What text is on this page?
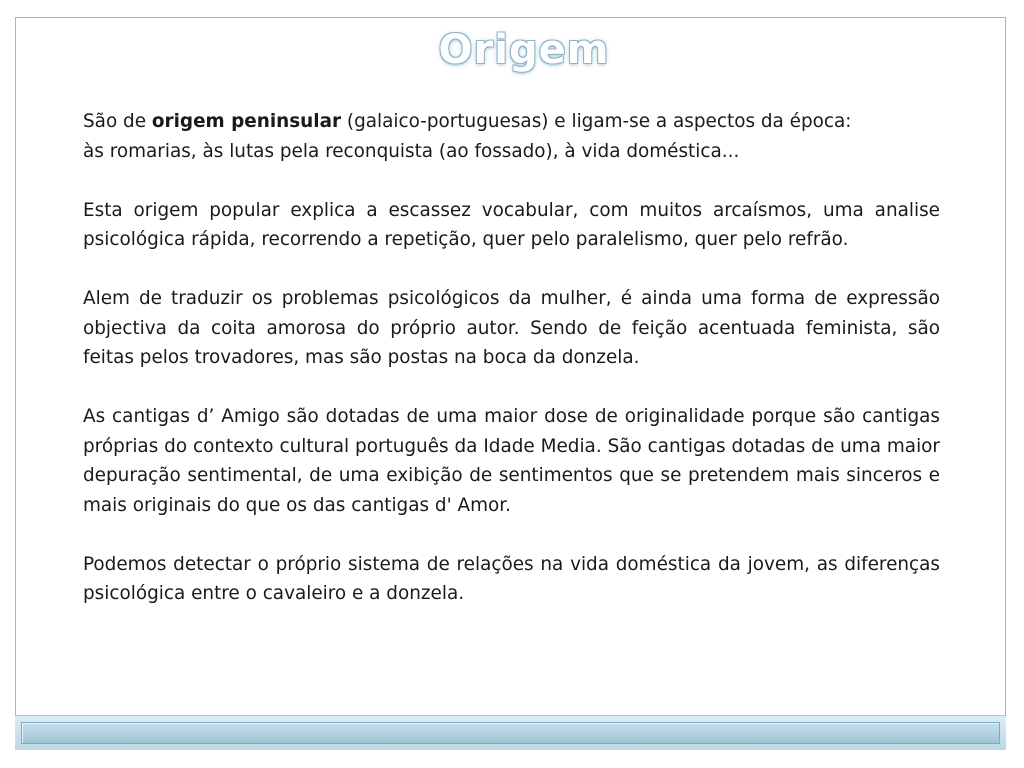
Origem

São de origem peninsular (galaico-portuguesas) e ligam-se a aspectos da época:
às romarias, às lutas pela reconquista (ao fossado), à vida doméstica...

Esta origem popular explica a escassez vocabular, com muitos arcaísmos, uma analise psicológica rápida, recorrendo a repetição, quer pelo paralelismo, quer pelo refrão.

Alem de traduzir os problemas psicológicos da mulher, é ainda uma forma de expressão objectiva da coita amorosa do próprio autor. Sendo de feição acentuada feminista, são feitas pelos trovadores, mas são postas na boca da donzela.

As cantigas d’ Amigo são dotadas de uma maior dose de originalidade porque são cantigas próprias do contexto cultural português da Idade Media. São cantigas dotadas de uma maior depuração sentimental, de uma exibição de sentimentos que se pretendem mais sinceros e mais originais do que os das cantigas d' Amor.

Podemos detectar o próprio sistema de relações na vida doméstica da jovem, as diferenças psicológica entre o cavaleiro e a donzela.
